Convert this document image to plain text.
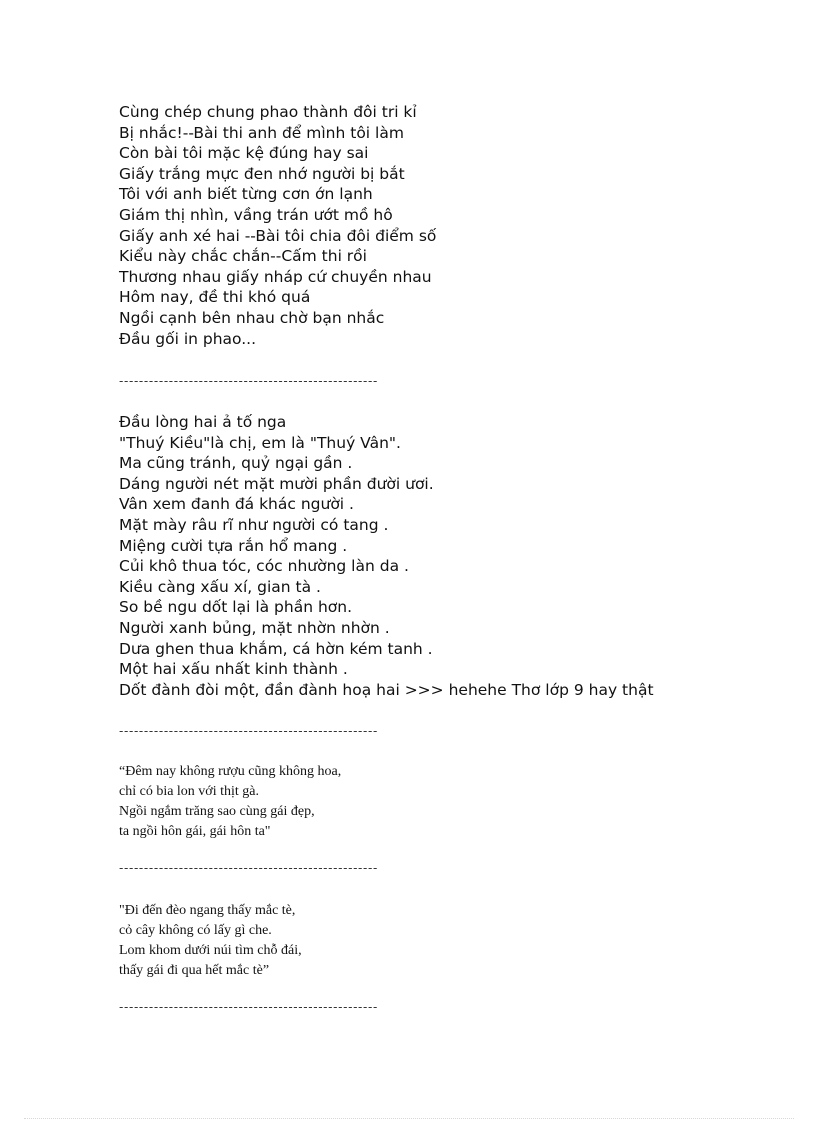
Cùng chép chung phao thành đôi tri kỉ
Bị nhắc!--Bài thi anh để mình tôi làm
Còn bài tôi mặc kệ đúng hay sai
Giấy trắng mực đen nhớ người bị bắt
Tôi với anh biết từng cơn ớn lạnh
Giám thị nhìn, vầng trán ướt mồ hô
Giấy anh xé hai --Bài tôi chia đôi điểm số
Kiểu này chắc chắn--Cấm thi rồi
Thương nhau giấy nháp cứ chuyền nhau
Hôm nay, đề thi khó quá
Ngồi cạnh bên nhau chờ bạn nhắc
Đầu gối in phao...
----------------------------------------------------
Đầu lòng hai ả tố nga
"Thuý Kiều"là chị, em là "Thuý Vân".
Ma cũng tránh, quỷ ngại gần .
Dáng người nét mặt mười phần đười ươi.
Vân xem đanh đá khác người .
Mặt mày râu rĩ như người có tang .
Miệng cười tựa rắn hổ mang .
Củi khô thua tóc, cóc nhường làn da .
Kiều càng xấu xí, gian tà .
So bề ngu dốt lại là phần hơn.
Người xanh bủng, mặt nhờn nhờn .
Dưa ghen thua khắm, cá hờn kém tanh .
Một hai xấu nhất kinh thành .
Dốt đành đòi một, đần đành hoạ hai >>> hehehe Thơ lớp 9 hay thật
----------------------------------------------------
“Đêm nay không rượu cũng không hoa,
chỉ có bia lon với thịt gà.
Ngồi ngắm trăng sao cùng gái đẹp,
ta ngồi hôn gái, gái hôn ta"
----------------------------------------------------
"Đi đến đèo ngang thấy mắc tè,
cỏ cây không có lấy gì che.
Lom khom dưới núi tìm chỗ đái,
thấy gái đi qua hết mắc tè”
----------------------------------------------------
